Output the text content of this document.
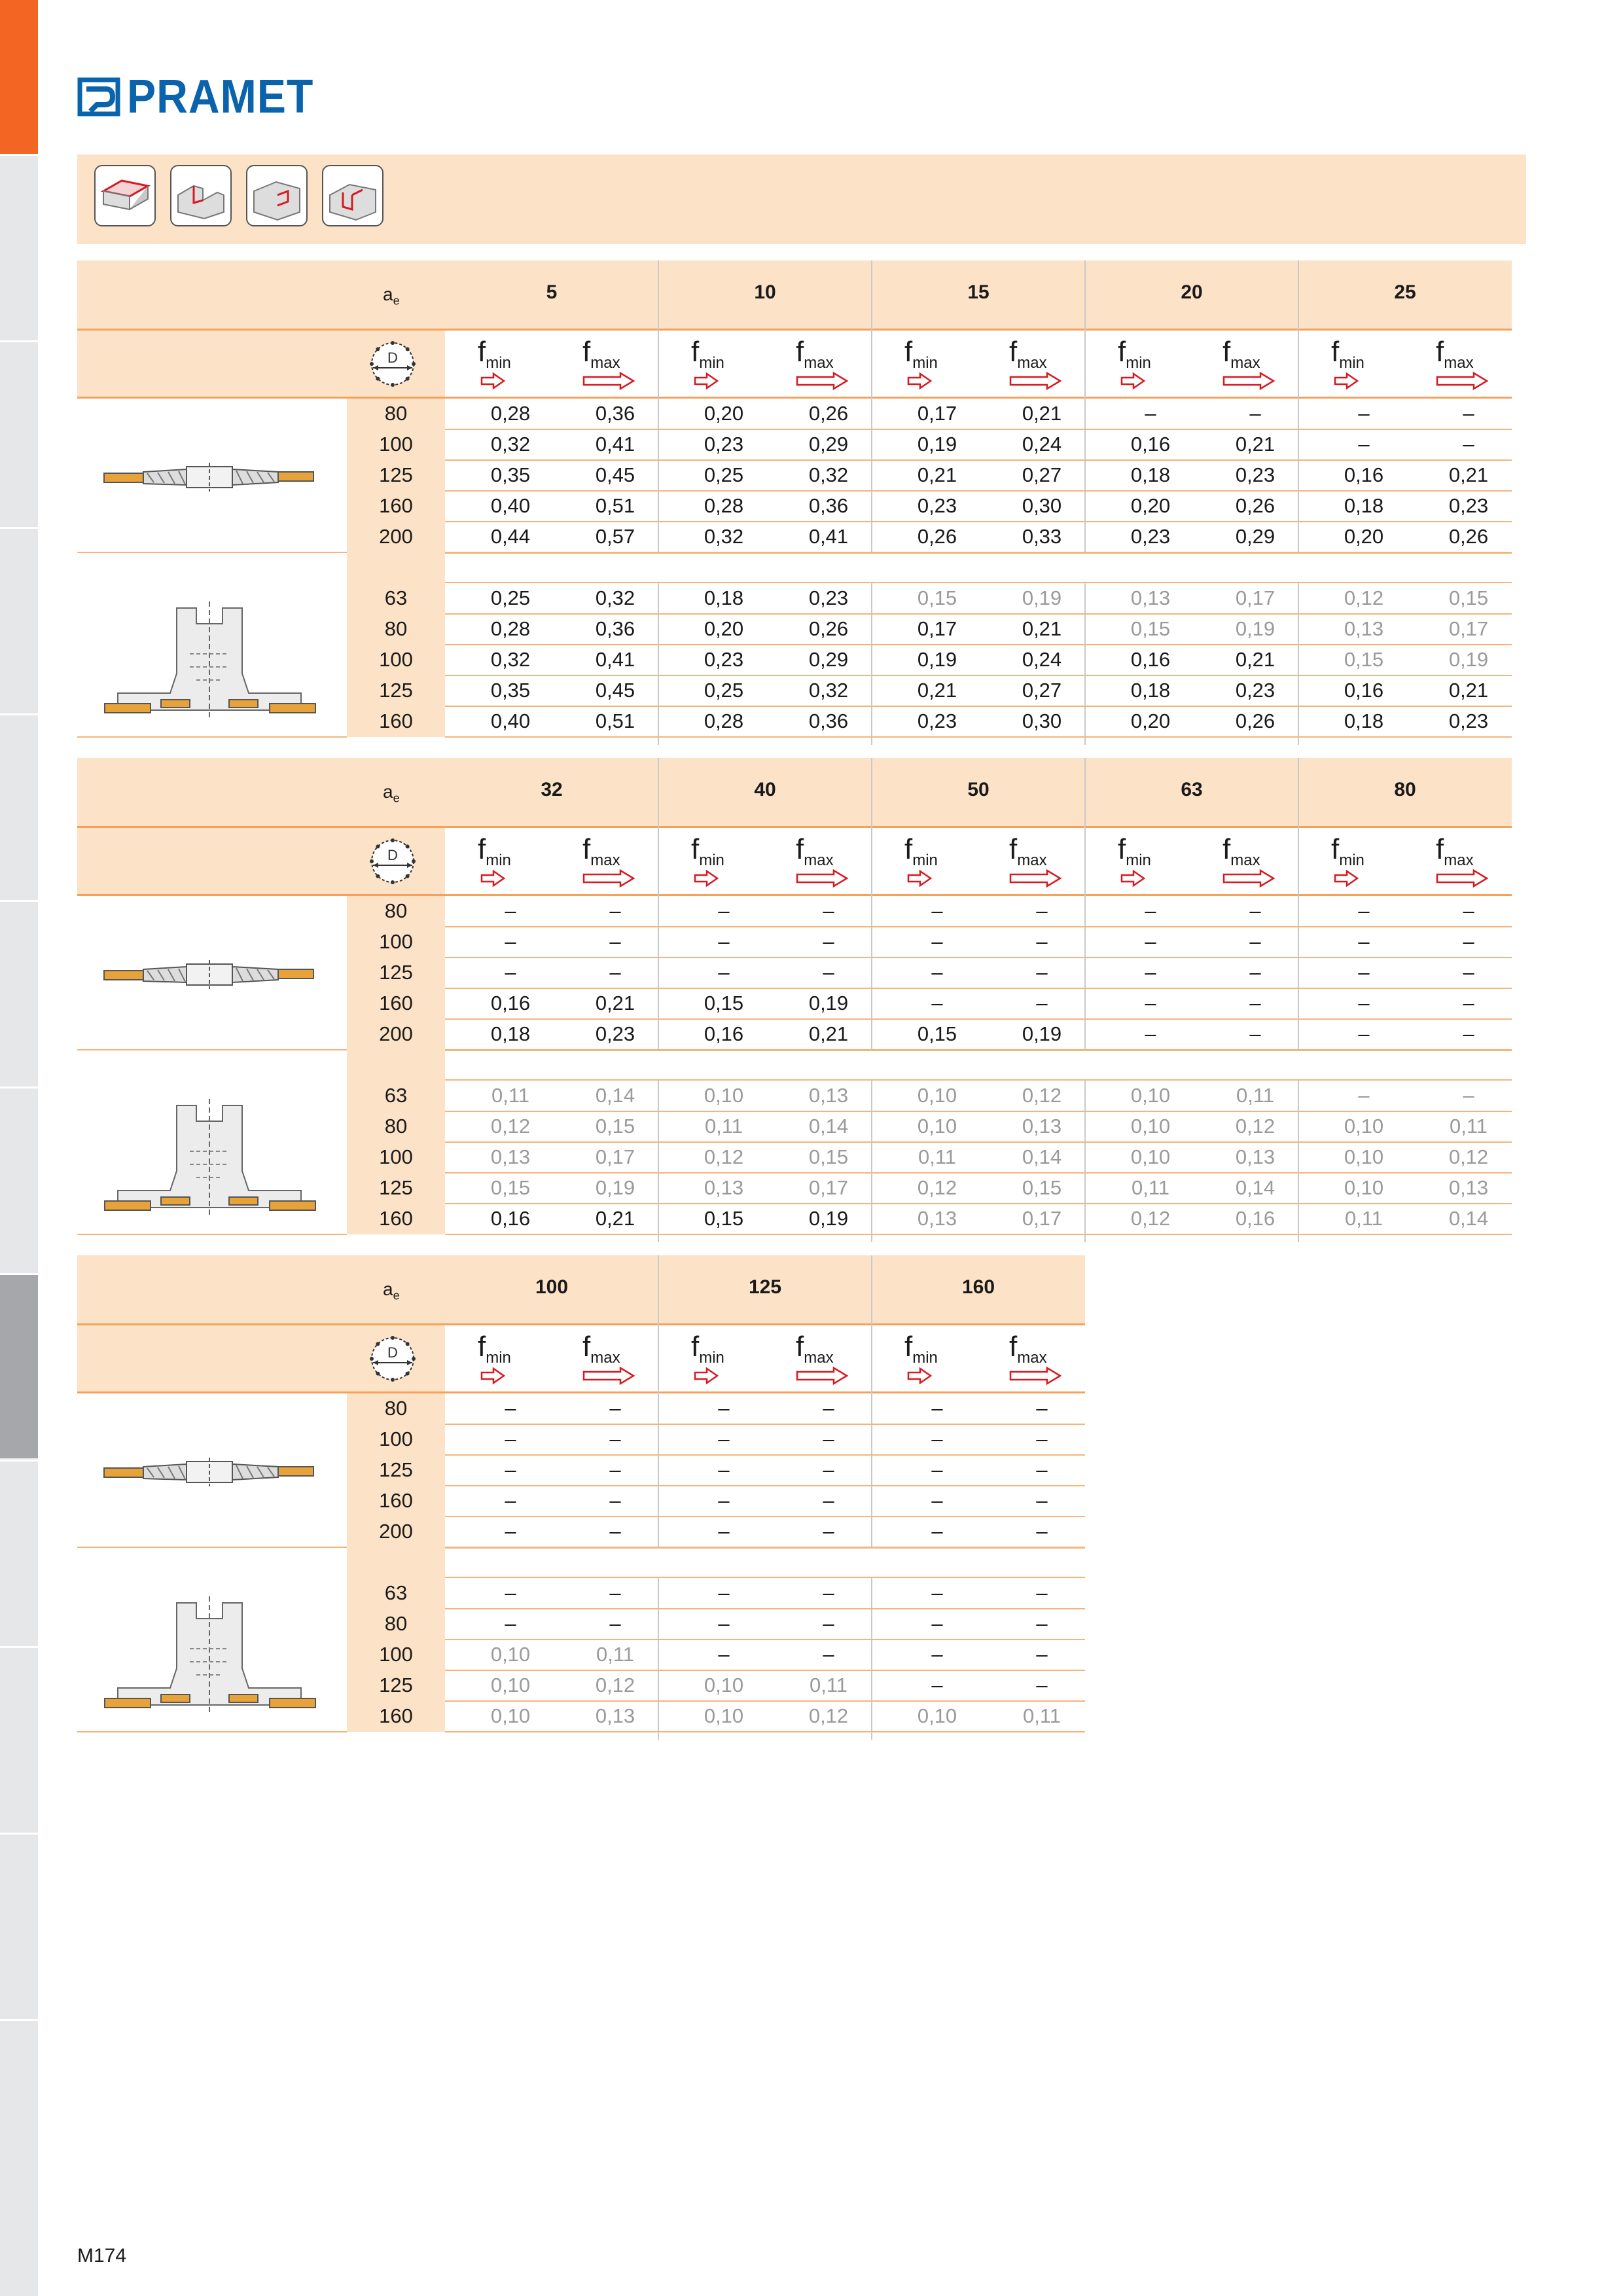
PRAMET
$a_e$
D
5
$f_{min}$ $f_{max}$
10
$f_{min}$ $f_{max}$
15
$f_{min}$ $f_{max}$
20
$f_{min}$ $f_{max}$
25
$f_{min}$ $f_{max}$
80	0,28	0,36	0,20	0,26	0,17	0,21	–	–	–	–
100	0,32	0,41	0,23	0,29	0,19	0,24	0,16	0,21	–	–
125	0,35	0,45	0,25	0,32	0,21	0,27	0,18	0,23	0,16	0,21
160	0,40	0,51	0,28	0,36	0,23	0,30	0,20	0,26	0,18	0,23
200	0,44	0,57	0,32	0,41	0,26	0,33	0,23	0,29	0,20	0,26
63	0,25	0,32	0,18	0,23	0,15	0,19	0,13	0,17	0,12	0,15
80	0,28	0,36	0,20	0,26	0,17	0,21	0,15	0,19	0,13	0,17
100	0,32	0,41	0,23	0,29	0,19	0,24	0,16	0,21	0,15	0,19
125	0,35	0,45	0,25	0,32	0,21	0,27	0,18	0,23	0,16	0,21
160	0,40	0,51	0,28	0,36	0,23	0,30	0,20	0,26	0,18	0,23
$a_e$
D
32
$f_{min}$ $f_{max}$
40
$f_{min}$ $f_{max}$
50
$f_{min}$ $f_{max}$
63
$f_{min}$ $f_{max}$
80
$f_{min}$ $f_{max}$
80	–	–	–	–	–	–	–	–	–	–
100	–	–	–	–	–	–	–	–	–	–
125	–	–	–	–	–	–	–	–	–	–
160	0,16	0,21	0,15	0,19	–	–	–	–	–	–
200	0,18	0,23	0,16	0,21	0,15	0,19	–	–	–	–
63	0,11	0,14	0,10	0,13	0,10	0,12	0,10	0,11	–	–
80	0,12	0,15	0,11	0,14	0,10	0,13	0,10	0,12	0,10	0,11
100	0,13	0,17	0,12	0,15	0,11	0,14	0,10	0,13	0,10	0,12
125	0,15	0,19	0,13	0,17	0,12	0,15	0,11	0,14	0,10	0,13
160	0,16	0,21	0,15	0,19	0,13	0,17	0,12	0,16	0,11	0,14
$a_e$
D
100
$f_{min}$ $f_{max}$
125
$f_{min}$ $f_{max}$
160
$f_{min}$ $f_{max}$
80	–	–	–	–	–	–
100	–	–	–	–	–	–
125	–	–	–	–	–	–
160	–	–	–	–	–	–
200	–	–	–	–	–	–
63	–	–	–	–	–	–
80	–	–	–	–	–	–
100	0,10	0,11	–	–	–	–
125	0,10	0,12	0,10	0,11	–	–
160	0,10	0,13	0,10	0,12	0,10	0,11
M174
